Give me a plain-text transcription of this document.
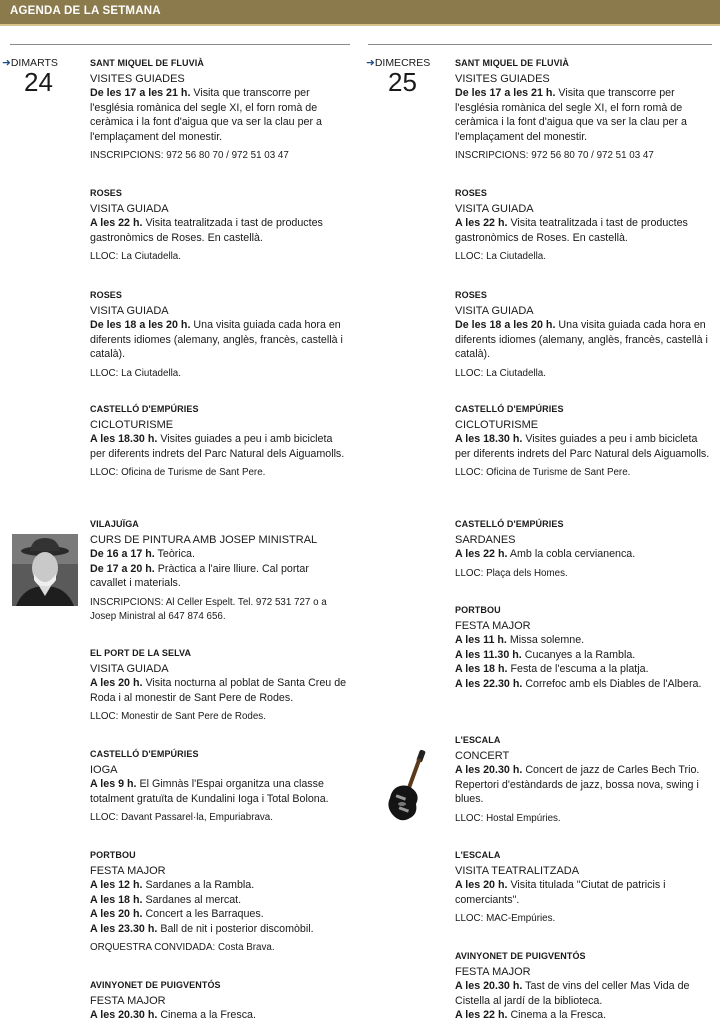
AGENDA DE LA SETMANA
➜DIMARTS
24
➜DIMECRES
25
SANT MIQUEL DE FLUVIÀ
VISITES GUIADES
De les 17 a les 21 h. Visita que transcorre per l'església romànica del segle XI, el forn romà de ceràmica i la font d'aigua que va ser la clau per a l'emplaçament del monestir.
INSCRIPCIONS: 972 56 80 70 / 972 51 03 47
ROSES
VISITA GUIADA
A les 22 h. Visita teatralitzada i tast de productes gastronòmics de Roses. En castellà.
LLOC: La Ciutadella.
ROSES
VISITA GUIADA
De les 18 a les 20 h. Una visita guiada cada hora en diferents idiomes (alemany, anglès, francès, castellà i català).
LLOC: La Ciutadella.
CASTELLÓ D'EMPÚRIES
CICLOTURISME
A les 18.30 h. Visites guiades a peu i amb bicicleta per diferents indrets del Parc Natural dels Aiguamolls.
LLOC: Oficina de Turisme de Sant Pere.
VILAJUÏGA
CURS DE PINTURA AMB JOSEP MINISTRAL
De 16 a 17 h. Teòrica.
De 17 a 20 h. Pràctica a l'aire lliure. Cal portar cavallet i materials.
INSCRIPCIONS: Al Celler Espelt. Tel. 972 531 727 o a Josep Ministral al 647 874 656.
EL PORT DE LA SELVA
VISITA GUIADA
A les 20 h. Visita nocturna al poblat de Santa Creu de Roda i al monestir de Sant Pere de Rodes.
LLOC: Monestir de Sant Pere de Rodes.
CASTELLÓ D'EMPÚRIES
IOGA
A les 9 h. El Gimnàs l'Espai organitza una classe totalment gratuïta de Kundalini Ioga i Total Bolona.
LLOC: Davant Passarel·la, Empuriabrava.
PORTBOU
FESTA MAJOR
A les 12 h. Sardanes a la Rambla.
A les 18 h. Sardanes al mercat.
A les 20 h. Concert a les Barraques.
A les 23.30 h. Ball de nit i posterior discomòbil.
ORQUESTRA CONVIDADA: Costa Brava.
AVINYONET DE PUIGVENTÓS
FESTA MAJOR
A les 20.30 h. Cinema a la Fresca.
SANT MIQUEL DE FLUVIÀ
VISITES GUIADES
De les 17 a les 21 h. Visita que transcorre per l'església romànica del segle XI, el forn romà de ceràmica i la font d'aigua que va ser la clau per a l'emplaçament del monestir.
INSCRIPCIONS: 972 56 80 70 / 972 51 03 47
ROSES
VISITA GUIADA
A les 22 h. Visita teatralitzada i tast de productes gastronòmics de Roses. En castellà.
LLOC: La Ciutadella.
ROSES
VISITA GUIADA
De les 18 a les 20 h. Una visita guiada cada hora en diferents idiomes (alemany, anglès, francès, castellà i català).
LLOC: La Ciutadella.
CASTELLÓ D'EMPÚRIES
CICLOTURISME
A les 18.30 h. Visites guiades a peu i amb bicicleta per diferents indrets del Parc Natural dels Aiguamolls.
LLOC: Oficina de Turisme de Sant Pere.
CASTELLÓ D'EMPÚRIES
SARDANES
A les 22 h. Amb la cobla cervianenca.
LLOC: Plaça dels Homes.
PORTBOU
FESTA MAJOR
A les 11 h. Missa solemne.
A les 11.30 h. Cucanyes a la Rambla.
A les 18 h. Festa de l'escuma a la platja.
A les 22.30 h. Correfoc amb els Diables de l'Albera.
L'ESCALA
CONCERT
A les 20.30 h. Concert de jazz de Carles Bech Trio. Repertori d'estàndards de jazz, bossa nova, swing i blues.
LLOC: Hostal Empúries.
L'ESCALA
VISITA TEATRALITZADA
A les 20 h. Visita titulada "Ciutat de patricis i comerciants".
LLOC: MAC-Empúries.
AVINYONET DE PUIGVENTÓS
FESTA MAJOR
A les 20.30 h. Tast de vins del celler Mas Vida de Cistella al jardí de la biblioteca.
A les 22 h. Cinema a la Fresca.
